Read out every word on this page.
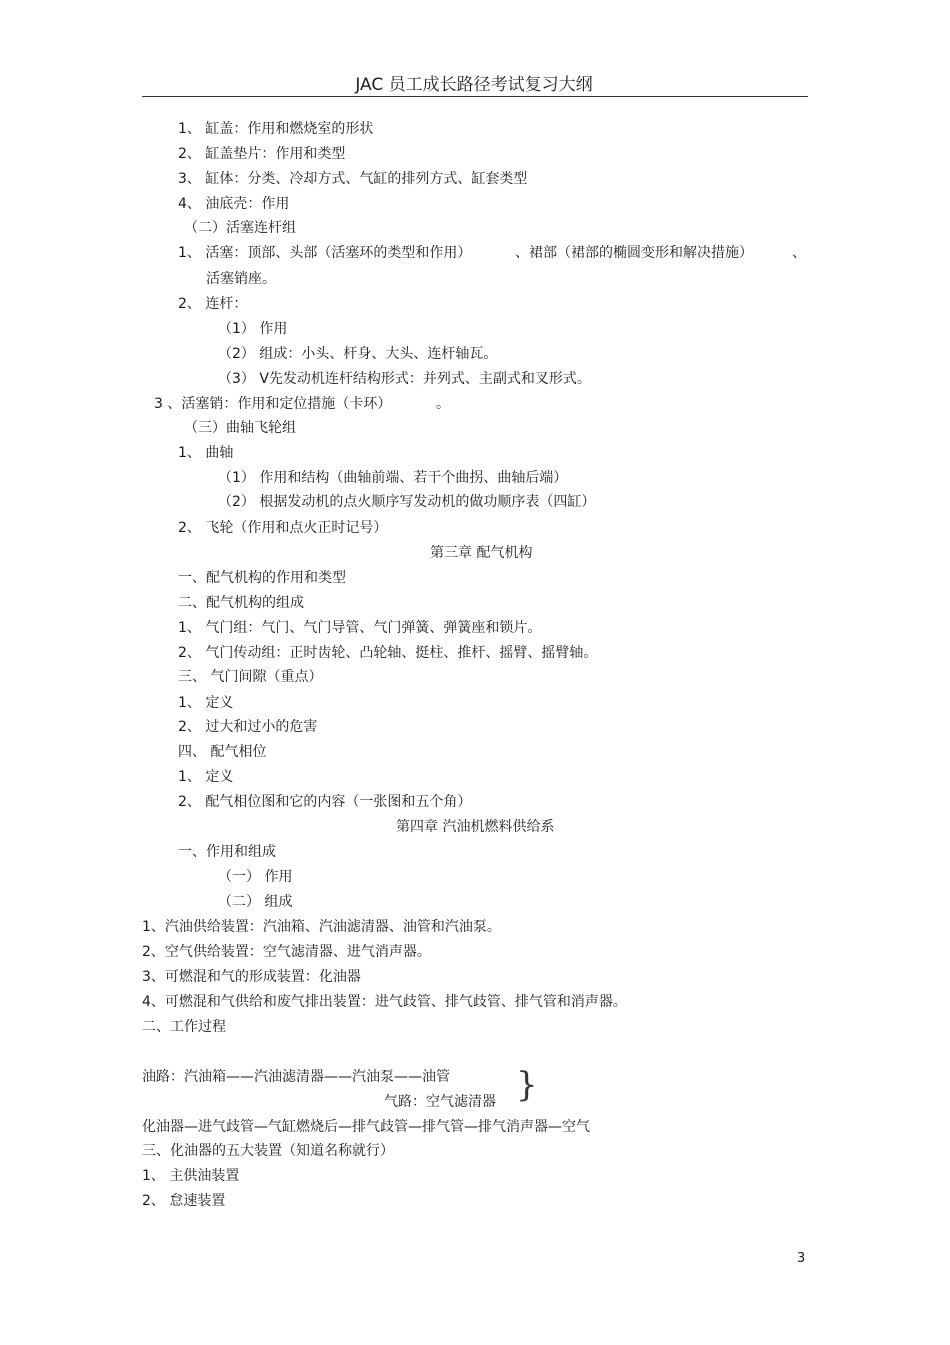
JAC 员工成长路径考试复习大纲
1、 缸盖：作用和燃烧室的形状
2、 缸盖垫片：作用和类型
3、 缸体：分类、冷却方式、气缸的排列方式、缸套类型
4、 油底壳：作用
（二）活塞连杆组
1、 活塞：顶部、头部（活塞环的类型和作用）	、裙部（裙部的椭圆变形和解决措施）	、
活塞销座。
2、 连杆：
（1） 作用
（2） 组成：小头、杆身、大头、连杆轴瓦。
（3） V先发动机连杆结构形式：并列式、主副式和叉形式。
3 、活塞销：作用和定位措施（卡环）	。
（三）曲轴飞轮组
1、 曲轴
（1） 作用和结构（曲轴前端、若干个曲拐、曲轴后端）
（2） 根据发动机的点火顺序写发动机的做功顺序表（四缸）
2、 飞轮（作用和点火正时记号）
第三章 配气机构
一、配气机构的作用和类型
二、配气机构的组成
1、 气门组：气门、气门导管、气门弹簧、弹簧座和锁片。
2、 气门传动组：正时齿轮、凸轮轴、挺柱、推杆、摇臂、摇臂轴。
三、 气门间隙（重点）
1、 定义
2、 过大和过小的危害
四、 配气相位
1、 定义
2、 配气相位图和它的内容（一张图和五个角）
第四章 汽油机燃料供给系
一、作用和组成
（一） 作用
（二） 组成
1、汽油供给装置：汽油箱、汽油滤清器、油管和汽油泵。
2、空气供给装置：空气滤清器、进气消声器。
3、可燃混和气的形成装置：化油器
4、可燃混和气供给和废气排出装置：进气歧管、排气歧管、排气管和消声器。
二、工作过程
油路：汽油箱——汽油滤清器——汽油泵——油管 }
气路：空气滤清器
化油器—进气歧管—气缸燃烧后—排气歧管—排气管—排气消声器—空气
三、化油器的五大装置（知道名称就行）
1、 主供油装置
2、 怠速装置
3
